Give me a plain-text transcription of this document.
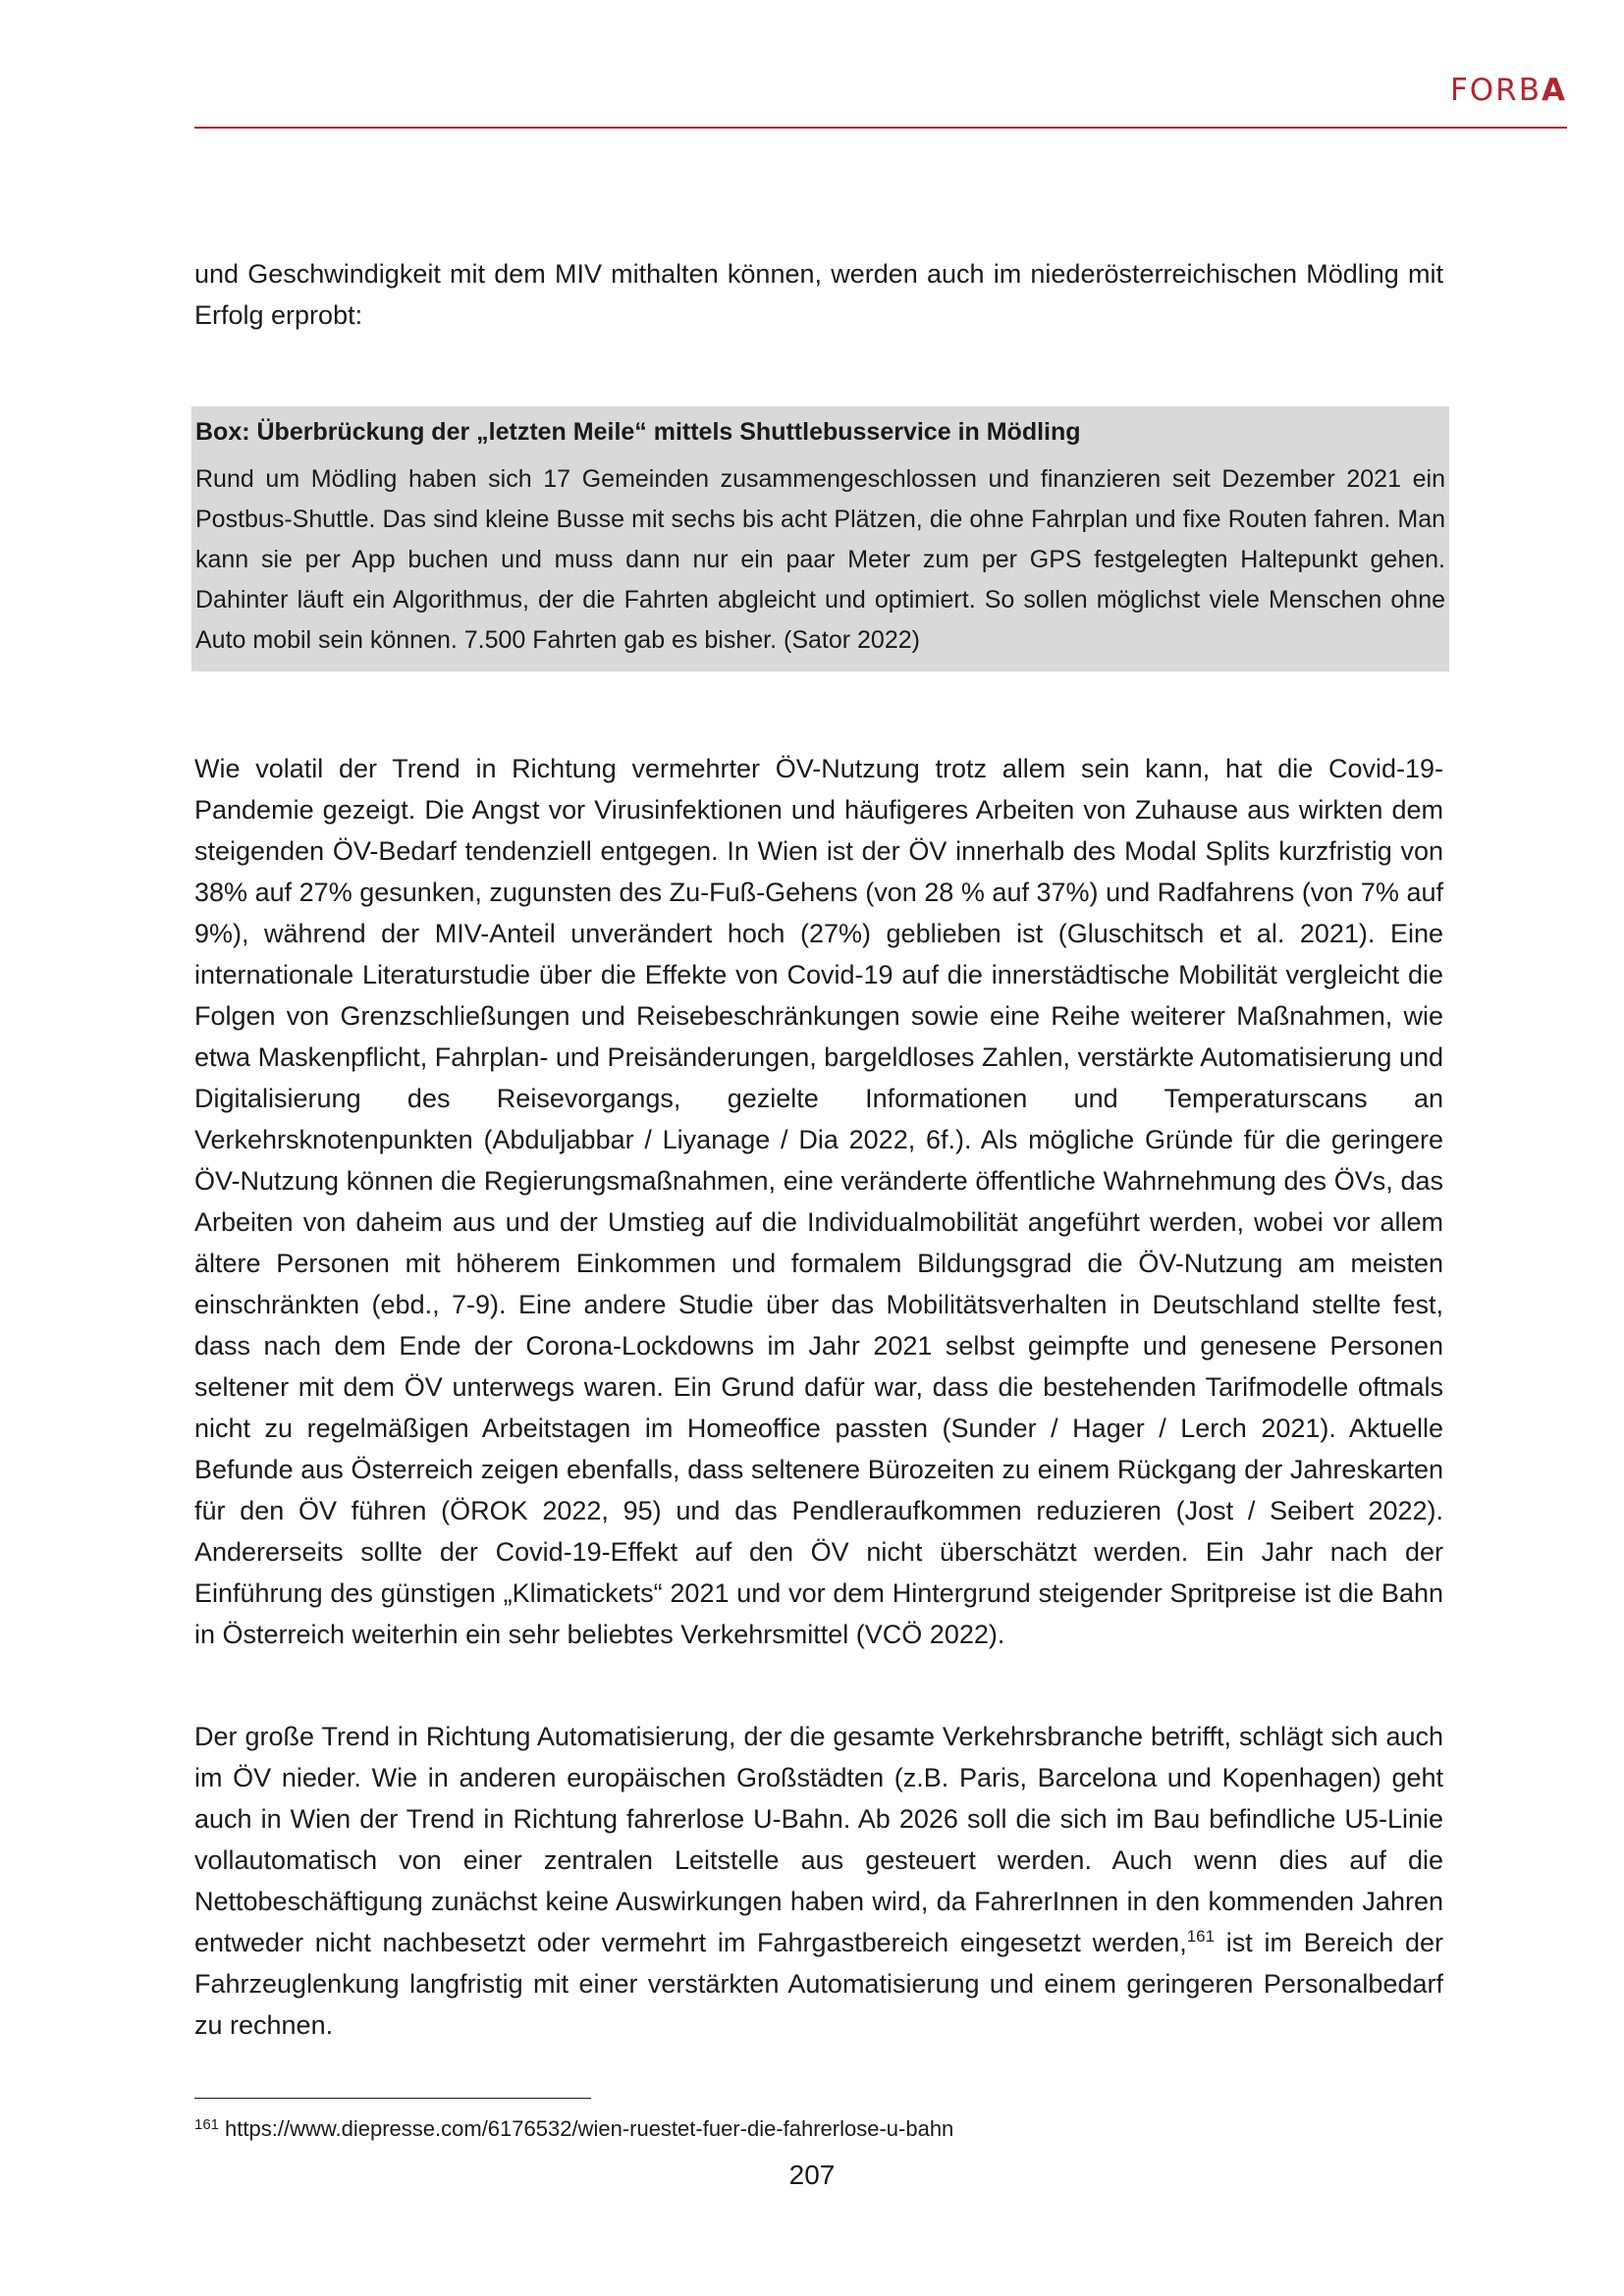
FORBA

und Geschwindigkeit mit dem MIV mithalten können, werden auch im niederösterreichischen Mödling mit Erfolg erprobt:

Box: Überbrückung der „letzten Meile“ mittels Shuttlebusservice in Mödling

Rund um Mödling haben sich 17 Gemeinden zusammengeschlossen und finanzieren seit Dezember 2021 ein Postbus-Shuttle. Das sind kleine Busse mit sechs bis acht Plätzen, die ohne Fahrplan und fixe Routen fahren. Man kann sie per App buchen und muss dann nur ein paar Meter zum per GPS festgelegten Haltepunkt gehen. Dahinter läuft ein Algorithmus, der die Fahrten abgleicht und optimiert. So sollen möglichst viele Menschen ohne Auto mobil sein können. 7.500 Fahrten gab es bisher. (Sator 2022)

Wie volatil der Trend in Richtung vermehrter ÖV-Nutzung trotz allem sein kann, hat die Covid-19-Pandemie gezeigt. Die Angst vor Virusinfektionen und häufigeres Arbeiten von Zuhause aus wirkten dem steigenden ÖV-Bedarf tendenziell entgegen. In Wien ist der ÖV innerhalb des Modal Splits kurzfristig von 38% auf 27% gesunken, zugunsten des Zu-Fuß-Gehens (von 28 % auf 37%) und Radfahrens (von 7% auf 9%), während der MIV-Anteil unverändert hoch (27%) geblieben ist (Gluschitsch et al. 2021). Eine internationale Literaturstudie über die Effekte von Covid-19 auf die innerstädtische Mobilität vergleicht die Folgen von Grenzschließungen und Reisebeschränkungen sowie eine Reihe weiterer Maßnahmen, wie etwa Maskenpflicht, Fahrplan- und Preisänderungen, bargeldloses Zahlen, verstärkte Automatisierung und Digitalisierung des Reisevorgangs, gezielte Informationen und Temperaturscans an Verkehrsknotenpunkten (Abduljabbar / Liyanage / Dia 2022, 6f.). Als mögliche Gründe für die geringere ÖV-Nutzung können die Regierungsmaßnahmen, eine veränderte öffentliche Wahrnehmung des ÖVs, das Arbeiten von daheim aus und der Umstieg auf die Individualmobilität angeführt werden, wobei vor allem ältere Personen mit höherem Einkommen und formalem Bildungsgrad die ÖV-Nutzung am meisten einschränkten (ebd., 7-9). Eine andere Studie über das Mobilitätsverhalten in Deutschland stellte fest, dass nach dem Ende der Corona-Lockdowns im Jahr 2021 selbst geimpfte und genesene Personen seltener mit dem ÖV unterwegs waren. Ein Grund dafür war, dass die bestehenden Tarifmodelle oftmals nicht zu regelmäßigen Arbeitstagen im Homeoffice passten (Sunder / Hager / Lerch 2021). Aktuelle Befunde aus Österreich zeigen ebenfalls, dass seltenere Bürozeiten zu einem Rückgang der Jahreskarten für den ÖV führen (ÖROK 2022, 95) und das Pendleraufkommen reduzieren (Jost / Seibert 2022). Andererseits sollte der Covid-19-Effekt auf den ÖV nicht überschätzt werden. Ein Jahr nach der Einführung des günstigen „Klimatickets“ 2021 und vor dem Hintergrund steigender Spritpreise ist die Bahn in Österreich weiterhin ein sehr beliebtes Verkehrsmittel (VCÖ 2022).

Der große Trend in Richtung Automatisierung, der die gesamte Verkehrsbranche betrifft, schlägt sich auch im ÖV nieder. Wie in anderen europäischen Großstädten (z.B. Paris, Barcelona und Kopenhagen) geht auch in Wien der Trend in Richtung fahrerlose U-Bahn. Ab 2026 soll die sich im Bau befindliche U5-Linie vollautomatisch von einer zentralen Leitstelle aus gesteuert werden. Auch wenn dies auf die Nettobeschäftigung zunächst keine Auswirkungen haben wird, da FahrerInnen in den kommenden Jahren entweder nicht nachbesetzt oder vermehrt im Fahrgastbereich eingesetzt werden,$^{161}$ ist im Bereich der Fahrzeuglenkung langfristig mit einer verstärkten Automatisierung und einem geringeren Personalbedarf zu rechnen.

$^{161}$ https://www.diepresse.com/6176532/wien-ruestet-fuer-die-fahrerlose-u-bahn
207
